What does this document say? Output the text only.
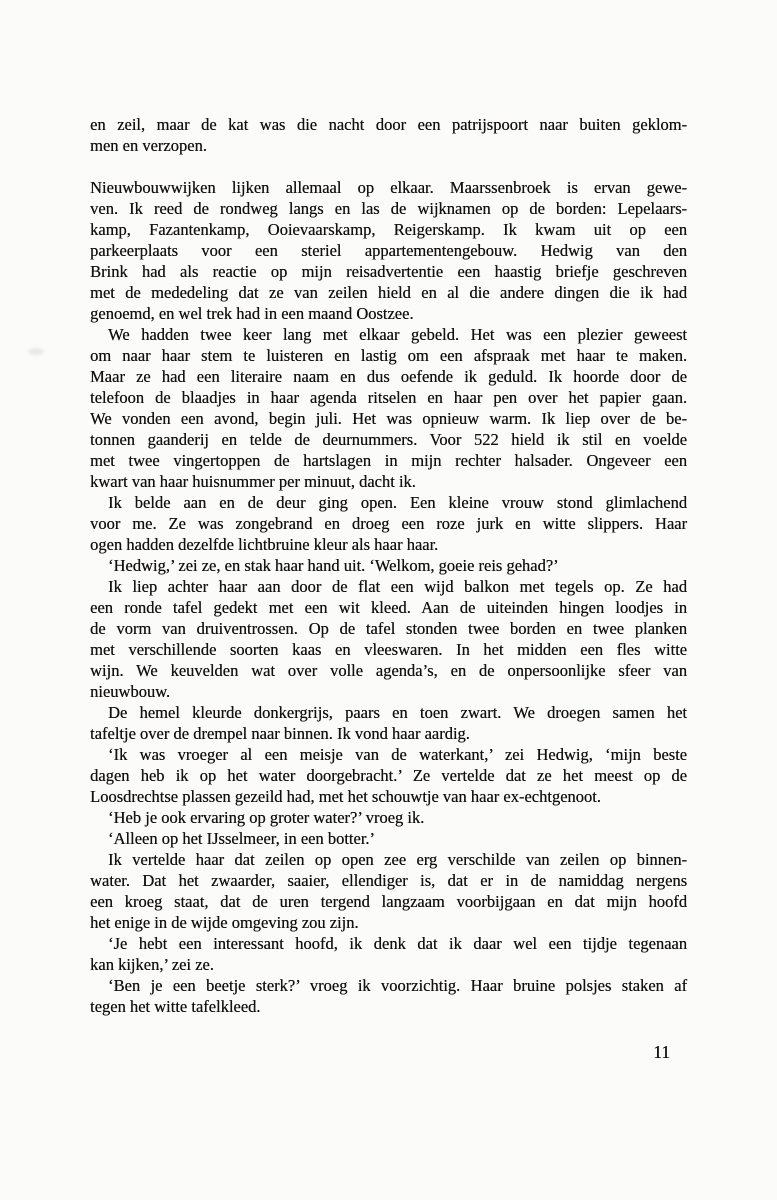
en zeil, maar de kat was die nacht door een patrijspoort naar buiten geklom-
men en verzopen.
Nieuwbouwwijken lijken allemaal op elkaar. Maarssenbroek is ervan gewe-
ven. Ik reed de rondweg langs en las de wijknamen op de borden: Lepelaars-
kamp, Fazantenkamp, Ooievaarskamp, Reigerskamp. Ik kwam uit op een
parkeerplaats voor een steriel appartementengebouw. Hedwig van den
Brink had als reactie op mijn reisadvertentie een haastig briefje geschreven
met de mededeling dat ze van zeilen hield en al die andere dingen die ik had
genoemd, en wel trek had in een maand Oostzee.
We hadden twee keer lang met elkaar gebeld. Het was een plezier geweest
om naar haar stem te luisteren en lastig om een afspraak met haar te maken.
Maar ze had een literaire naam en dus oefende ik geduld. Ik hoorde door de
telefoon de blaadjes in haar agenda ritselen en haar pen over het papier gaan.
We vonden een avond, begin juli. Het was opnieuw warm. Ik liep over de be-
tonnen gaanderij en telde de deurnummers. Voor 522 hield ik stil en voelde
met twee vingertoppen de hartslagen in mijn rechter halsader. Ongeveer een
kwart van haar huisnummer per minuut, dacht ik.
Ik belde aan en de deur ging open. Een kleine vrouw stond glimlachend
voor me. Ze was zongebrand en droeg een roze jurk en witte slippers. Haar
ogen hadden dezelfde lichtbruine kleur als haar haar.
‘Hedwig,’ zei ze, en stak haar hand uit. ‘Welkom, goeie reis gehad?’
Ik liep achter haar aan door de flat een wijd balkon met tegels op. Ze had
een ronde tafel gedekt met een wit kleed. Aan de uiteinden hingen loodjes in
de vorm van druiventrossen. Op de tafel stonden twee borden en twee planken
met verschillende soorten kaas en vleeswaren. In het midden een fles witte
wijn. We keuvelden wat over volle agenda’s, en de onpersoonlijke sfeer van
nieuwbouw.
De hemel kleurde donkergrijs, paars en toen zwart. We droegen samen het
tafeltje over de drempel naar binnen. Ik vond haar aardig.
‘Ik was vroeger al een meisje van de waterkant,’ zei Hedwig, ‘mijn beste
dagen heb ik op het water doorgebracht.’ Ze vertelde dat ze het meest op de
Loosdrechtse plassen gezeild had, met het schouwtje van haar ex-echtgenoot.
‘Heb je ook ervaring op groter water?’ vroeg ik.
‘Alleen op het IJsselmeer, in een botter.’
Ik vertelde haar dat zeilen op open zee erg verschilde van zeilen op binnen-
water. Dat het zwaarder, saaier, ellendiger is, dat er in de namiddag nergens
een kroeg staat, dat de uren tergend langzaam voorbijgaan en dat mijn hoofd
het enige in de wijde omgeving zou zijn.
‘Je hebt een interessant hoofd, ik denk dat ik daar wel een tijdje tegenaan
kan kijken,’ zei ze.
‘Ben je een beetje sterk?’ vroeg ik voorzichtig. Haar bruine polsjes staken af
tegen het witte tafelkleed.
11
